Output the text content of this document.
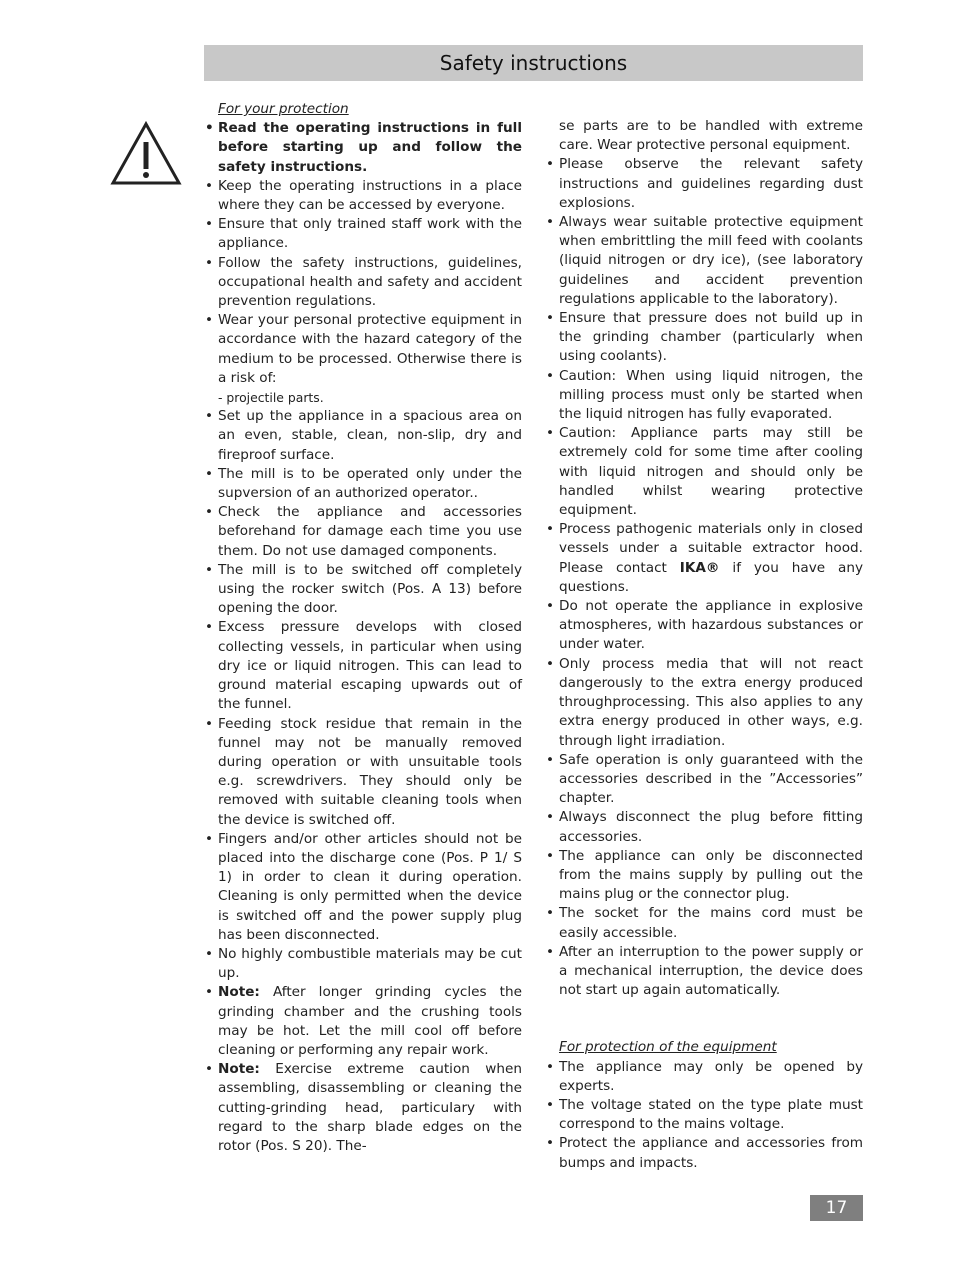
Safety instructions
For your protection

• Read the operating instructions in full before starting up and follow the safety instructions.

• Keep the operating instructions in a place where they can be accessed by everyone.

• Ensure that only trained staff work with the appliance.

• Follow the safety instructions, guidelines, occupational health and safety and accident prevention regulations.

• Wear your personal protective equipment in accordance with the hazard category of the medium to be processed. Otherwise there is a risk of:

- projectile parts.

• Set up the appliance in a spacious area on an even, stable, clean, non-slip, dry and fireproof surface.

• The mill is to be operated only under the supversion of an authorized operator..

• Check the appliance and accessories beforehand for damage each time you use them. Do not use damaged components.

• The mill is to be switched off completely using the rocker switch (Pos. A 13) before opening the door.

• Excess pressure develops with closed collecting vessels, in particular when using dry ice or liquid nitrogen. This can lead to ground material escaping upwards out of the funnel.

• Feeding stock residue that remain in the funnel may not be manually removed during operation or with unsuitable tools e.g. screwdrivers. They should only be removed with suitable cleaning tools when the device is switched off.

• Fingers and/or other articles should not be placed into the discharge cone (Pos. P 1/ S 1) in order to clean it during operation. Cleaning is only permitted when the device is switched off and the power supply plug has been disconnected.

• No highly combustible materials may be cut up.

• Note: After longer grinding cycles the grinding chamber and the crushing tools may be hot. Let the mill cool off before cleaning or performing any repair work.

• Note: Exercise extreme caution when assembling, disassembling or cleaning the cutting-grinding head, particuIary with regard to the sharp blade edges on the rotor (Pos. S 20). The-

se parts are to be handled with extreme care. Wear protective personal equipment.

• Please observe the relevant safety instructions and guidelines regarding dust explosions.

• Always wear suitable protective equipment when embrittling the mill feed with coolants (liquid nitrogen or dry ice), (see laboratory guidelines and accident prevention regulations applicable to the laboratory).

• Ensure that pressure does not build up in the grinding chamber (particularly when using coolants).

• Caution: When using liquid nitrogen, the milling process must only be started when the liquid nitrogen has fully evaporated.

• Caution: Appliance parts may still be extremely cold for some time after cooling with liquid nitrogen and should only be handled whilst wearing protective equipment.

• Process pathogenic materials only in closed vessels under a suitable extractor hood. Please contact IKA® if you have any questions.

• Do not operate the appliance in explosive atmospheres, with hazardous substances or under water.

• Only process media that will not react dangerously to the extra energy produced throughprocessing. This also applies to any extra energy produced in other ways, e.g. through light irradiation.

• Safe operation is only guaranteed with the accessories described in the ”Accessories” chapter.

• Always disconnect the plug before fitting accessories.

• The appliance can only be disconnected from the mains supply by pulling out the mains plug or the connector plug.

• The socket for the mains cord must be easily accessible.

• After an interruption to the power supply or a mechanical interruption, the device does not start up again automatically.

For protection of the equipment

• The appliance may only be opened by experts.

• The voltage stated on the type plate must correspond to the mains voltage.

• Protect the appliance and accessories from bumps and impacts.

17
